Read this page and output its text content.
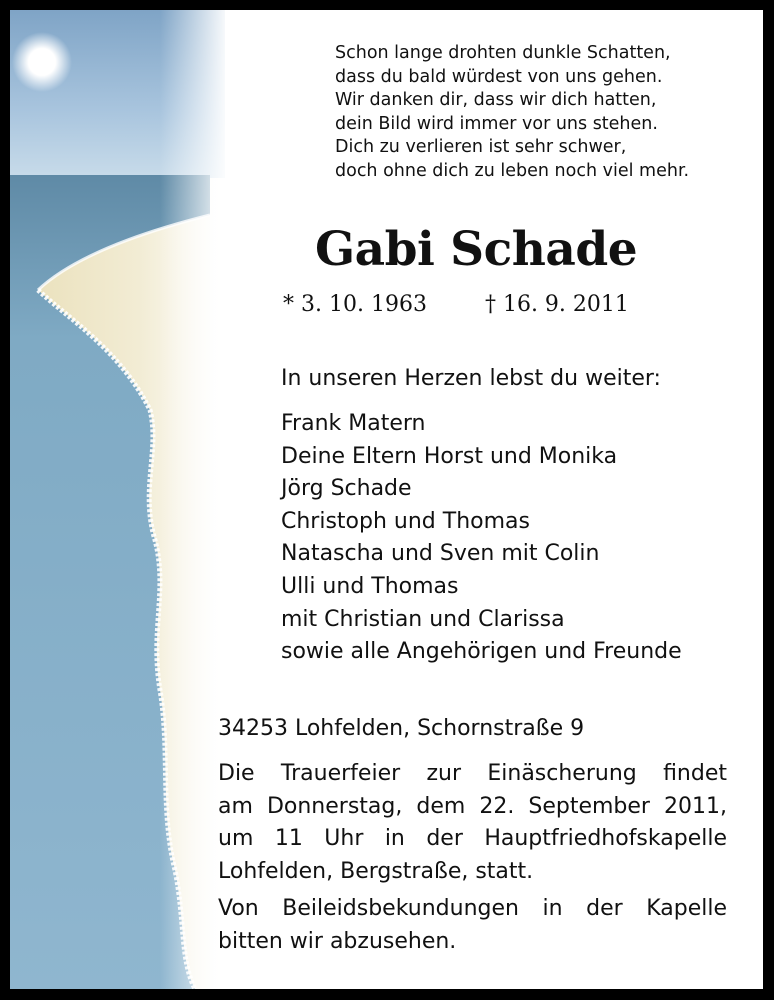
Schon lange drohten dunkle Schatten,
dass du bald würdest von uns gehen.
Wir danken dir, dass wir dich hatten,
dein Bild wird immer vor uns stehen.
Dich zu verlieren ist sehr schwer,
doch ohne dich zu leben noch viel mehr.
Gabi Schade
* 3. 10. 1963	† 16. 9. 2011
In unseren Herzen lebst du weiter:
Frank Matern
Deine Eltern Horst und Monika
Jörg Schade
Christoph und Thomas
Natascha und Sven mit Colin
Ulli und Thomas
mit Christian und Clarissa
sowie alle Angehörigen und Freunde
34253 Lohfelden, Schornstraße 9
Die Trauerfeier zur Einäscherung findet
am Donnerstag, dem 22. September 2011,
um 11 Uhr in der Hauptfriedhofskapelle
Lohfelden, Bergstraße, statt.
Von Beileidsbekundungen in der Kapelle
bitten wir abzusehen.
